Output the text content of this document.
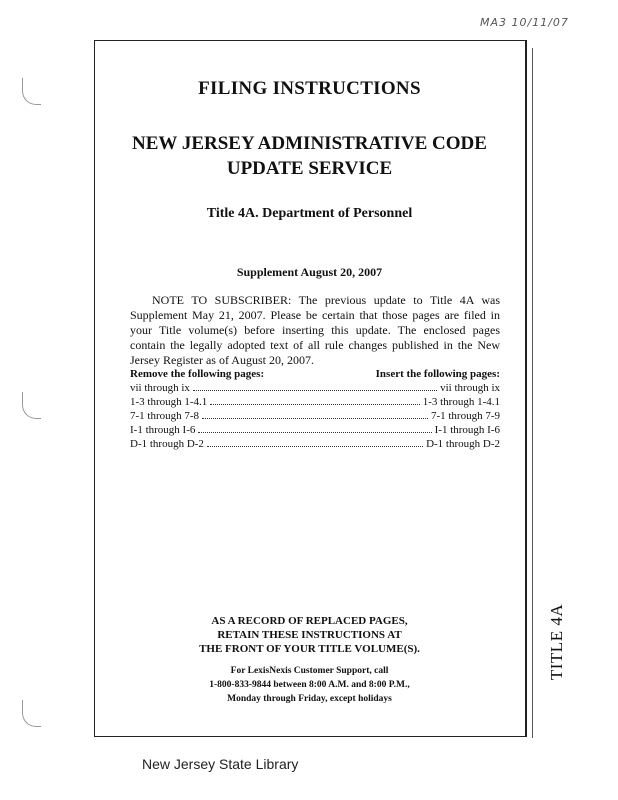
MA3 10/11/07
FILING INSTRUCTIONS
NEW JERSEY ADMINISTRATIVE CODE
UPDATE SERVICE
Title 4A. Department of Personnel
Supplement August 20, 2007
NOTE TO SUBSCRIBER: The previous update to Title 4A was Supplement May 21, 2007. Please be certain that those pages are filed in your Title volume(s) before inserting this update. The enclosed pages contain the legally adopted text of all rule changes published in the New Jersey Register as of August 20, 2007.
Remove the following pages:	Insert the following pages:
vii through ix	vii through ix
1-3 through 1-4.1	1-3 through 1-4.1
7-1 through 7-8	7-1 through 7-9
I-1 through I-6	I-1 through I-6
D-1 through D-2	D-1 through D-2
AS A RECORD OF REPLACED PAGES,
RETAIN THESE INSTRUCTIONS AT
THE FRONT OF YOUR TITLE VOLUME(S).
For LexisNexis Customer Support, call
1-800-833-9844 between 8:00 A.M. and 8:00 P.M.,
Monday through Friday, except holidays
TITLE 4A
New Jersey State Library
